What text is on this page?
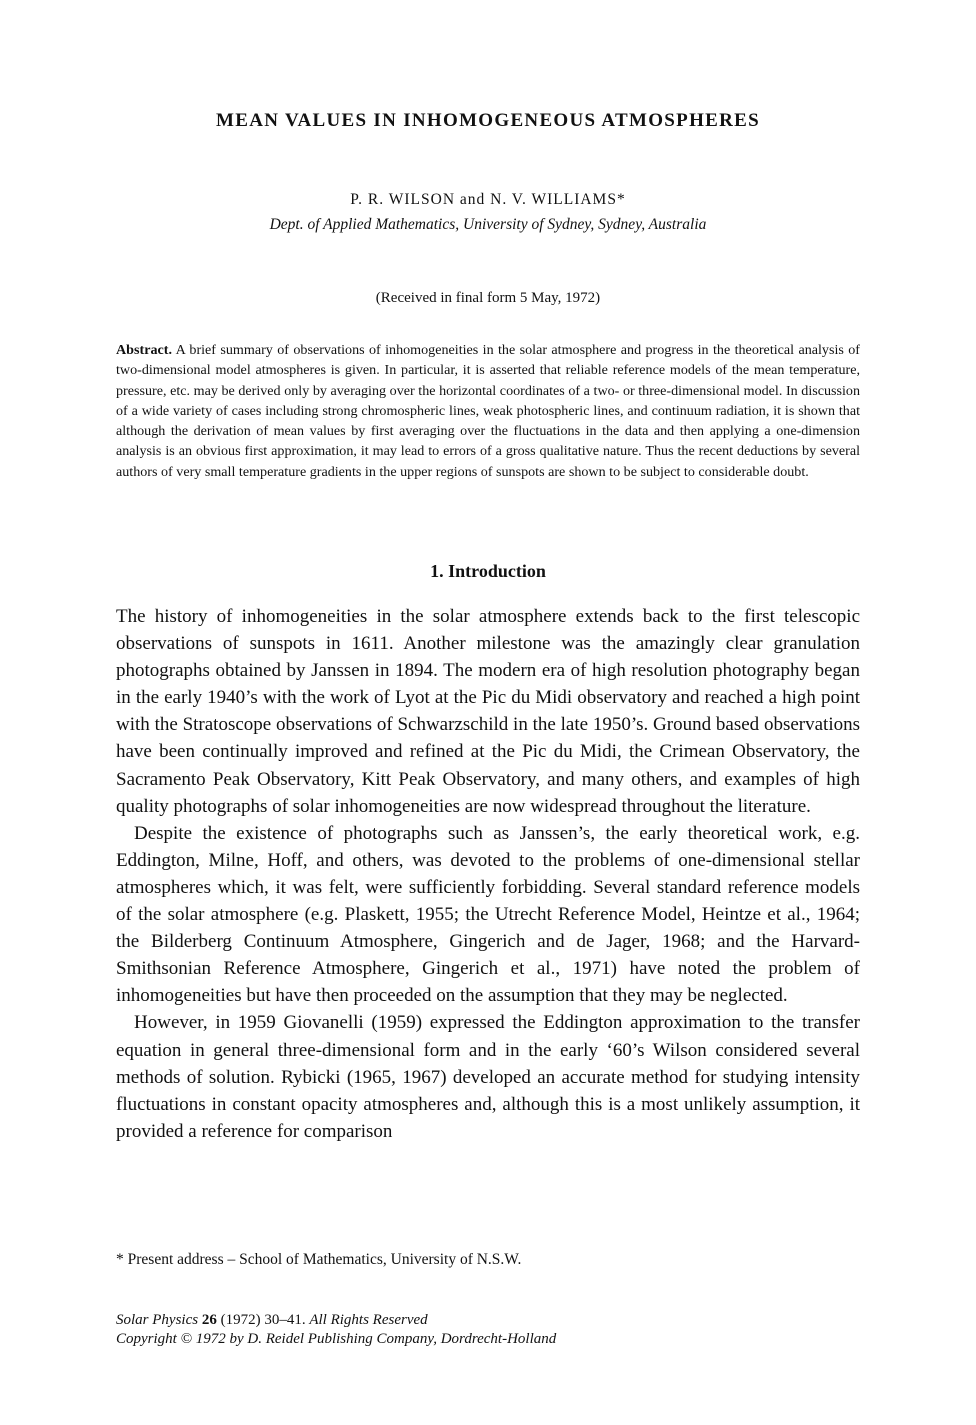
MEAN VALUES IN INHOMOGENEOUS ATMOSPHERES
P. R. WILSON and N. V. WILLIAMS*
Dept. of Applied Mathematics, University of Sydney, Sydney, Australia
(Received in final form 5 May, 1972)

Abstract. A brief summary of observations of inhomogeneities in the solar atmosphere and progress in the theoretical analysis of two-dimensional model atmospheres is given. In particular, it is asserted that reliable reference models of the mean temperature, pressure, etc. may be derived only by averaging over the horizontal coordinates of a two- or three-dimensional model. In discussion of a wide variety of cases including strong chromospheric lines, weak photospheric lines, and continuum radiation, it is shown that although the derivation of mean values by first averaging over the fluctuations in the data and then applying a one-dimension analysis is an obvious first approximation, it may lead to errors of a gross qualitative nature. Thus the recent deductions by several authors of very small temperature gradients in the upper regions of sunspots are shown to be subject to considerable doubt.

1. Introduction

The history of inhomogeneities in the solar atmosphere extends back to the first telescopic observations of sunspots in 1611. Another milestone was the amazingly clear granulation photographs obtained by Janssen in 1894. The modern era of high resolution photography began in the early 1940’s with the work of Lyot at the Pic du Midi observatory and reached a high point with the Stratoscope observations of Schwarzschild in the late 1950’s. Ground based observations have been continually improved and refined at the Pic du Midi, the Crimean Observatory, the Sacramento Peak Observatory, Kitt Peak Observatory, and many others, and examples of high quality photographs of solar inhomogeneities are now widespread throughout the literature.

Despite the existence of photographs such as Janssen’s, the early theoretical work, e.g. Eddington, Milne, Hoff, and others, was devoted to the problems of one-dimensional stellar atmospheres which, it was felt, were sufficiently forbidding. Several standard reference models of the solar atmosphere (e.g. Plaskett, 1955; the Utrecht Reference Model, Heintze et al., 1964; the Bilderberg Continuum Atmosphere, Gingerich and de Jager, 1968; and the Harvard-Smithsonian Reference Atmosphere, Gingerich et al., 1971) have noted the problem of inhomogeneities but have then proceeded on the assumption that they may be neglected.

However, in 1959 Giovanelli (1959) expressed the Eddington approximation to the transfer equation in general three-dimensional form and in the early ‘60’s Wilson considered several methods of solution. Rybicki (1965, 1967) developed an accurate method for studying intensity fluctuations in constant opacity atmospheres and, although this is a most unlikely assumption, it provided a reference for comparison

* Present address – School of Mathematics, University of N.S.W.
Solar Physics 26 (1972) 30–41. All Rights Reserved
Copyright © 1972 by D. Reidel Publishing Company, Dordrecht-Holland
